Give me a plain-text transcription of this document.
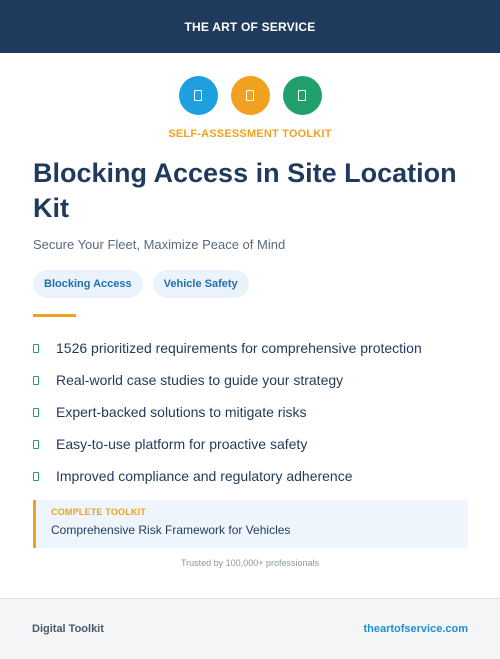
THE ART OF SERVICE
SELF-ASSESSMENT TOOLKIT
Blocking Access in Site Location Kit

Secure Your Fleet, Maximize Peace of Mind

Blocking Access	Vehicle Safety
1526 prioritized requirements for comprehensive protection
Real-world case studies to guide your strategy
Expert-backed solutions to mitigate risks
Easy-to-use platform for proactive safety
Improved compliance and regulatory adherence
COMPLETE TOOLKIT
Comprehensive Risk Framework for Vehicles
Trusted by 100,000+ professionals
Digital Toolkit	theartofservice.com
